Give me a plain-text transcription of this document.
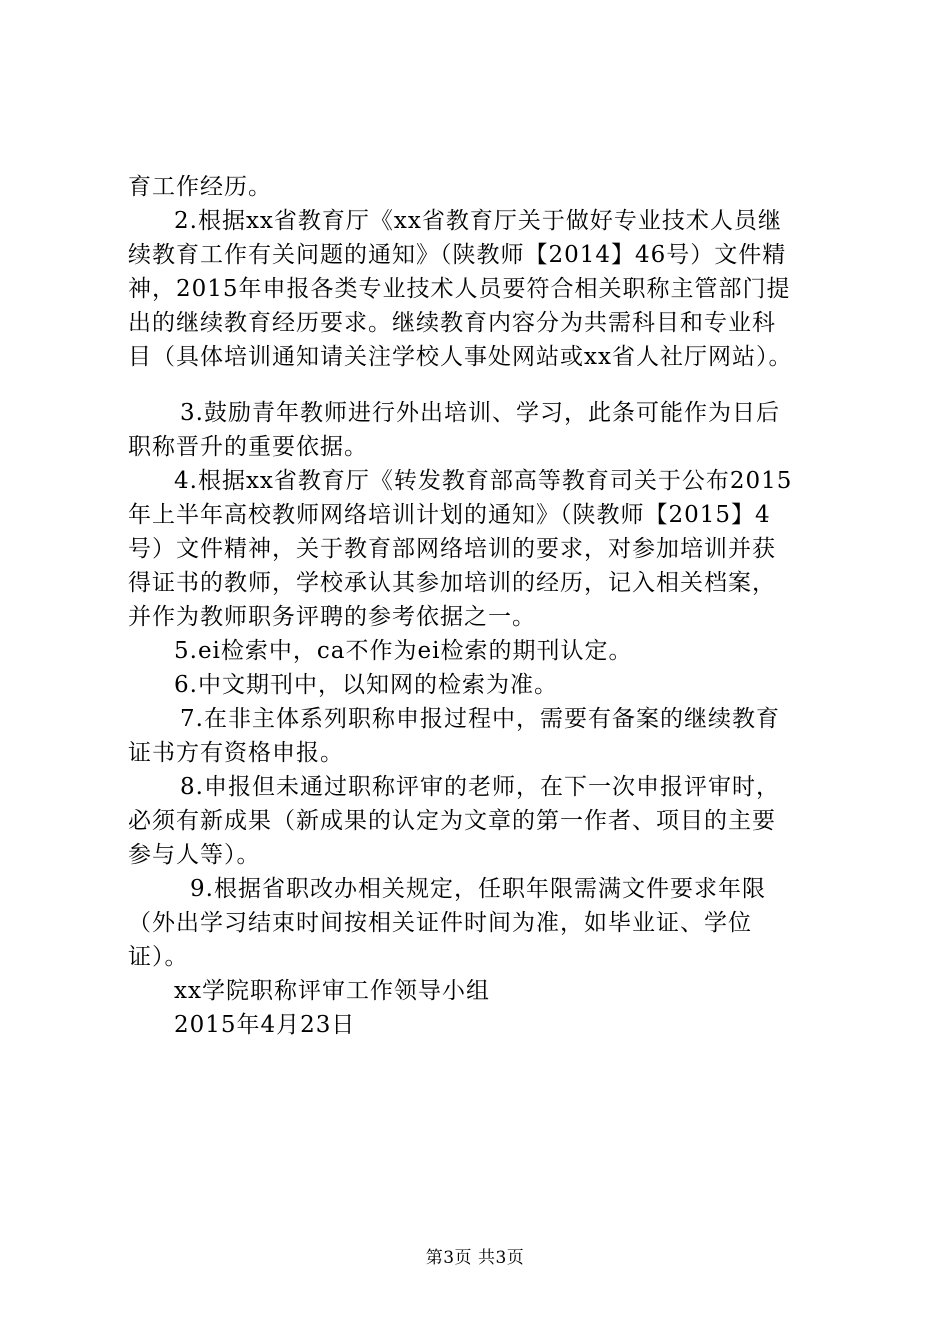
育工作经历。
2.根据xx省教育厅《xx省教育厅关于做好专业技术人员继
续教育工作有关问题的通知》（陕教师【2014】46号）文件精
神，2015年申报各类专业技术人员要符合相关职称主管部门提
出的继续教育经历要求。继续教育内容分为共需科目和专业科
目（具体培训通知请关注学校人事处网站或xx省人社厅网站）。
3.鼓励青年教师进行外出培训、学习，此条可能作为日后
职称晋升的重要依据。
4.根据xx省教育厅《转发教育部高等教育司关于公布2015
年上半年高校教师网络培训计划的通知》（陕教师【2015】4
号）文件精神，关于教育部网络培训的要求，对参加培训并获
得证书的教师，学校承认其参加培训的经历，记入相关档案，
并作为教师职务评聘的参考依据之一。
5.ei检索中，ca不作为ei检索的期刊认定。
6.中文期刊中，以知网的检索为准。
7.在非主体系列职称申报过程中，需要有备案的继续教育
证书方有资格申报。
8.申报但未通过职称评审的老师，在下一次申报评审时，
必须有新成果（新成果的认定为文章的第一作者、项目的主要
参与人等）。
9.根据省职改办相关规定，任职年限需满文件要求年限
（外出学习结束时间按相关证件时间为准，如毕业证、学位
证）。
xx学院职称评审工作领导小组
2015年4月23日
第3页 共3页
